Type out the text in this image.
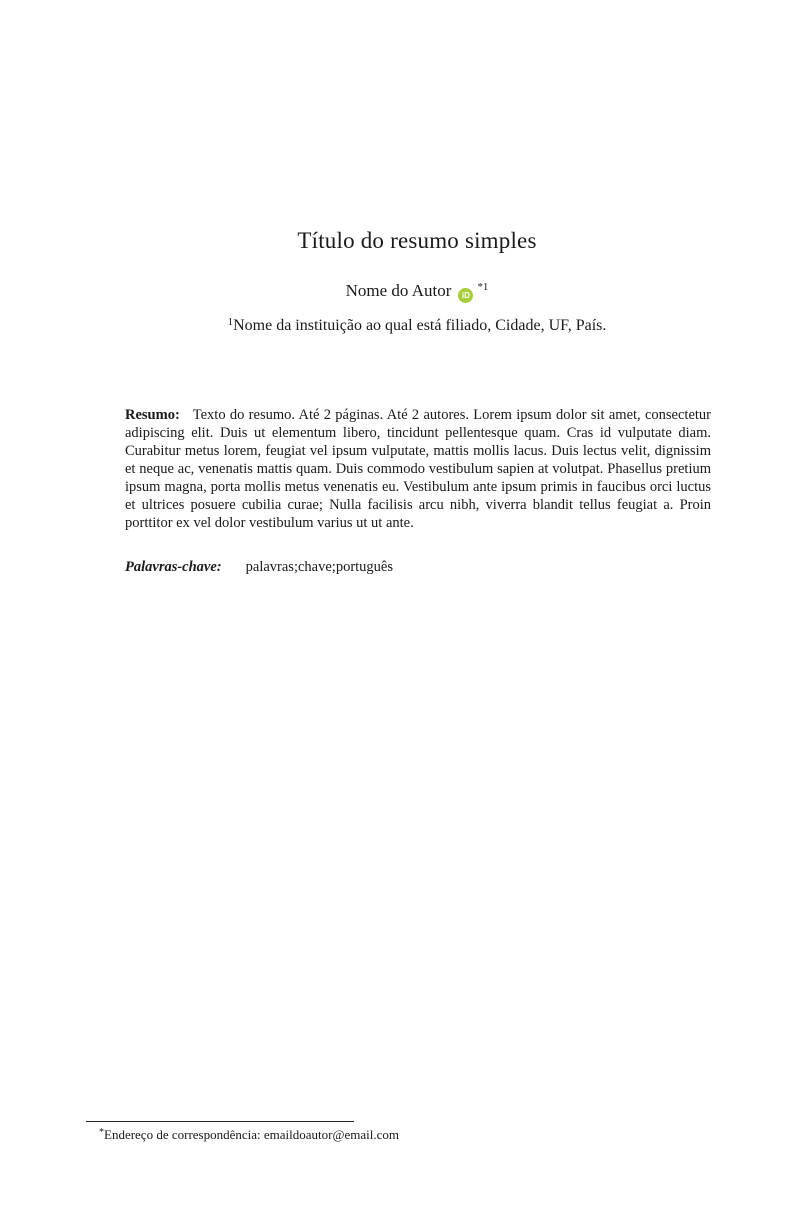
Título do resumo simples
Nome do Autor $iD^{*1}$
$^1$Nome da instituição ao qual está filiado, Cidade, UF, País.

Resumo: Texto do resumo. Até 2 páginas. Até 2 autores. Lorem ipsum dolor sit amet, consectetur adipiscing elit. Duis ut elementum libero, tincidunt pellentesque quam. Cras id vulputate diam. Curabitur metus lorem, feugiat vel ipsum vulputate, mattis mollis lacus. Duis lectus velit, dignissim et neque ac, venenatis mattis quam. Duis commodo vestibulum sapien at volutpat. Phasellus pretium ipsum magna, porta mollis metus venenatis eu. Vestibulum ante ipsum primis in faucibus orci luctus et ultrices posuere cubilia curae; Nulla facilisis arcu nibh, viverra blandit tellus feugiat a. Proin porttitor ex vel dolor vestibulum varius ut ut ante.

Palavras-chave: palavras;chave;português

*Endereço de correspondência: emaildoautor@email.com
